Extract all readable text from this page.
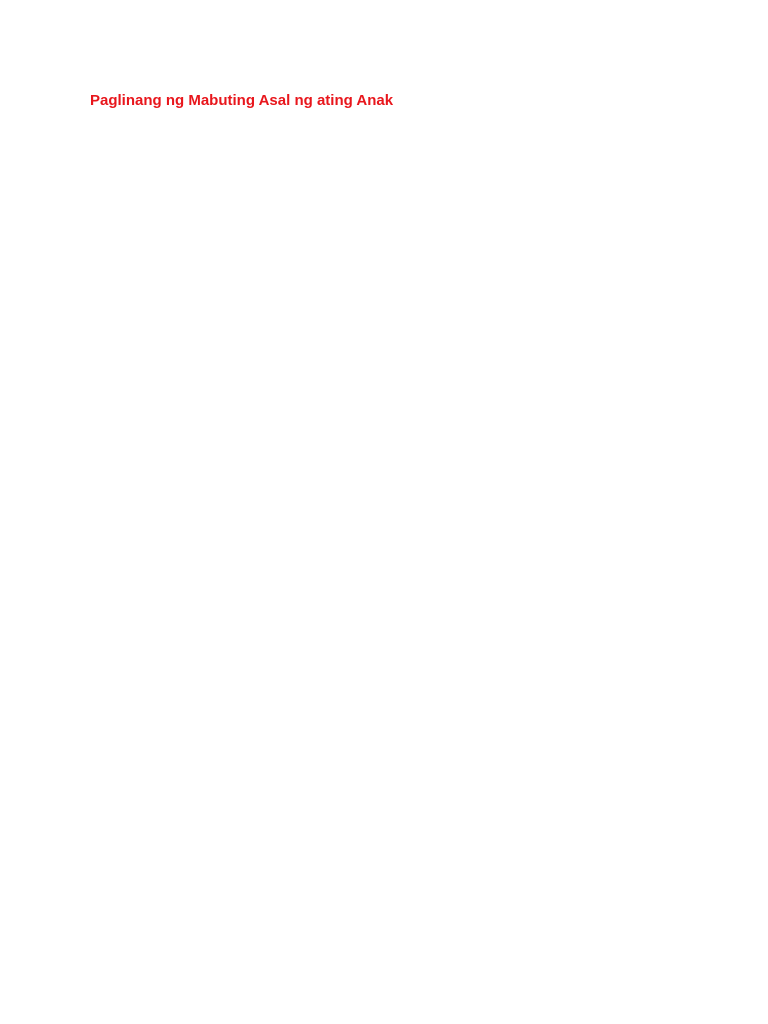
Paglinang ng Mabuting Asal ng ating Anak
